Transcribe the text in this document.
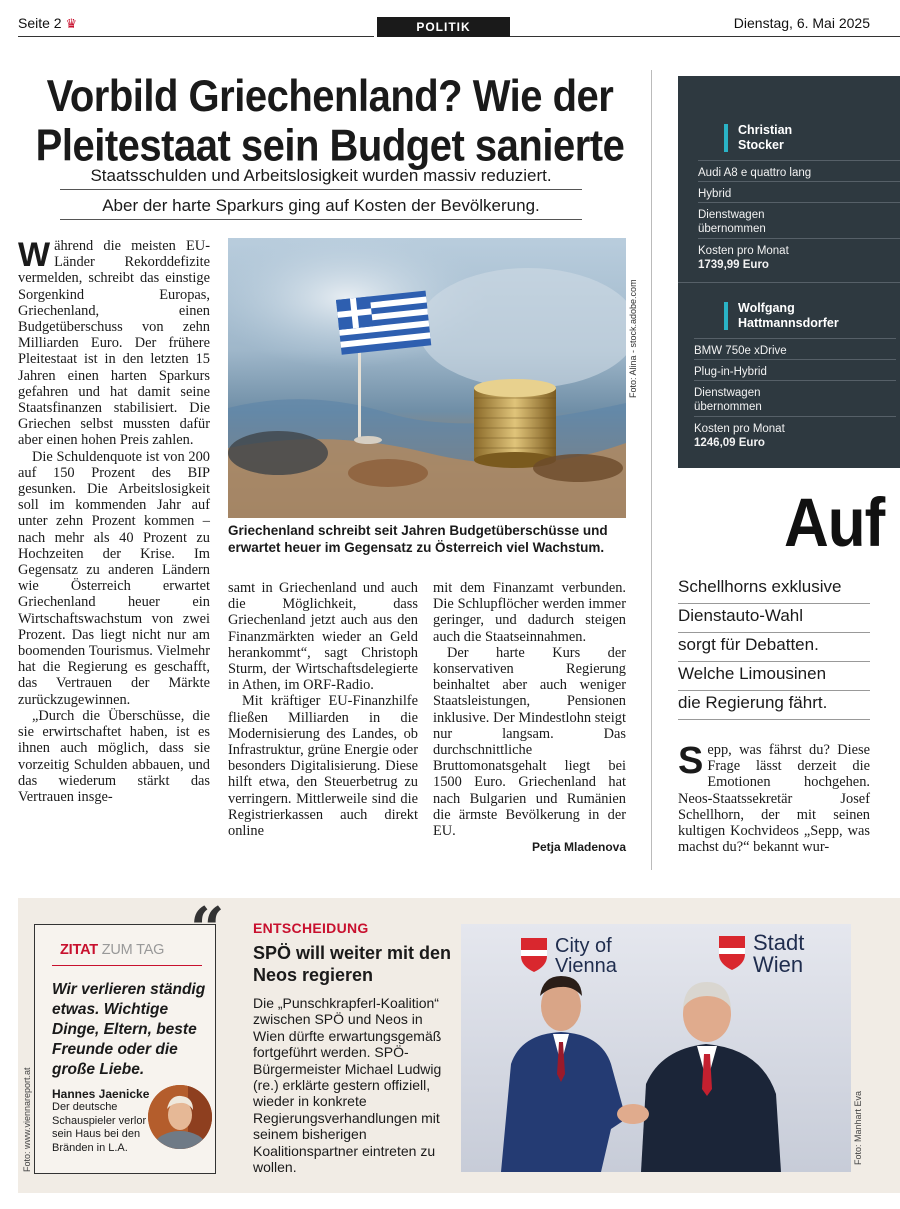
Seite 2 ♛	POLITIK	Dienstag, 6. Mai 2025
Vorbild Griechenland? Wie der
Pleitestaat sein Budget sanierte
Staatsschulden und Arbeitslosigkeit wurden massiv reduziert.
Aber der harte Sparkurs ging auf Kosten der Bevölkerung.

Während die meisten EU-Länder Rekorddefizite vermelden, schreibt das einstige Sorgenkind Europas, Griechenland, einen Budgetüberschuss von zehn Milliarden Euro. Der frühere Pleitestaat ist in den letzten 15 Jahren einen harten Sparkurs gefahren und hat damit seine Staatsfinanzen stabilisiert. Die Griechen selbst mussten dafür aber einen hohen Preis zahlen.

Die Schuldenquote ist von 200 auf 150 Prozent des BIP gesunken. Die Arbeitslosigkeit soll im kommenden Jahr auf unter zehn Prozent kommen – nach mehr als 40 Prozent zu Hochzeiten der Krise. Im Gegensatz zu anderen Ländern wie Österreich erwartet Griechenland heuer ein Wirtschaftswachstum von zwei Prozent. Das liegt nicht nur am boomenden Tourismus. Vielmehr hat die Regierung es geschafft, das Vertrauen der Märkte zurückzugewinnen.

„Durch die Überschüsse, die sie erwirtschaftet haben, ist es ihnen auch möglich, dass sie vorzeitig Schulden abbauen, und das wiederum stärkt das Vertrauen insge-

Foto: Alina - stock.adobe.com
Griechenland schreibt seit Jahren Budgetüberschüsse und erwartet heuer im Gegensatz zu Österreich viel Wachstum.

samt in Griechenland und auch die Möglichkeit, dass Griechenland jetzt auch aus den Finanzmärkten wieder an Geld herankommt“, sagt Christoph Sturm, der Wirtschaftsdelegierte in Athen, im ORF-Radio.

Mit kräftiger EU-Finanzhilfe fließen Milliarden in die Modernisierung des Landes, ob Infrastruktur, grüne Energie oder besonders Digitalisierung. Diese hilft etwa, den Steuerbetrug zu verringern. Mittlerweile sind die Registrierkassen auch direkt online

mit dem Finanzamt verbunden. Die Schlupflöcher werden immer geringer, und dadurch steigen auch die Staatseinnahmen.

Der harte Kurs der konservativen Regierung beinhaltet aber auch weniger Staatsleistungen, Pensionen inklusive. Der Mindestlohn steigt nur langsam. Das durchschnittliche Bruttomonatsgehalt liegt bei 1500 Euro. Griechenland hat nach Bulgarien und Rumänien die ärmste Bevölkerung in der EU.

Petja Mladenova
Christian
Stocker
Audi A8 e quattro lang
Hybrid
Dienstwagen
übernommen
Kosten pro Monat
1739,99 Euro
Wolfgang
Hattmannsdorfer
BMW 750e xDrive
Plug-in-Hybrid
Dienstwagen
übernommen
Kosten pro Monat
1246,09 Euro
Auf
Schellhorns exklusive
Dienstauto-Wahl
sorgt für Debatten.
Welche Limousinen
die Regierung fährt.
Sepp, was fährst du? Diese Frage lässt derzeit die Emotionen hochgehen. Neos-Staatssekretär Josef Schellhorn, der mit seinen kultigen Kochvideos „Sepp, was machst du?“ bekannt wur-
“
ZITAT ZUM TAG
Wir verlieren ständig etwas. Wichtige Dinge, Eltern, beste Freunde oder die große Liebe.
Hannes Jaenicke
Der deutsche Schauspieler verlor sein Haus bei den Bränden in L.A.
Foto: www.viennareport.at
ENTSCHEIDUNG
SPÖ will weiter mit den Neos regieren
Die „Punschkrapferl-Koalition“ zwischen SPÖ und Neos in Wien dürfte erwartungsgemäß fortgeführt werden. SPÖ-Bürgermeister Michael Ludwig (re.) erklärte gestern offiziell, wieder in konkrete Regierungsverhandlungen mit seinem bisherigen Koalitionspartner eintreten zu wollen.
City of
Vienna
Stadt
Wien
Foto: Manhart Eva
